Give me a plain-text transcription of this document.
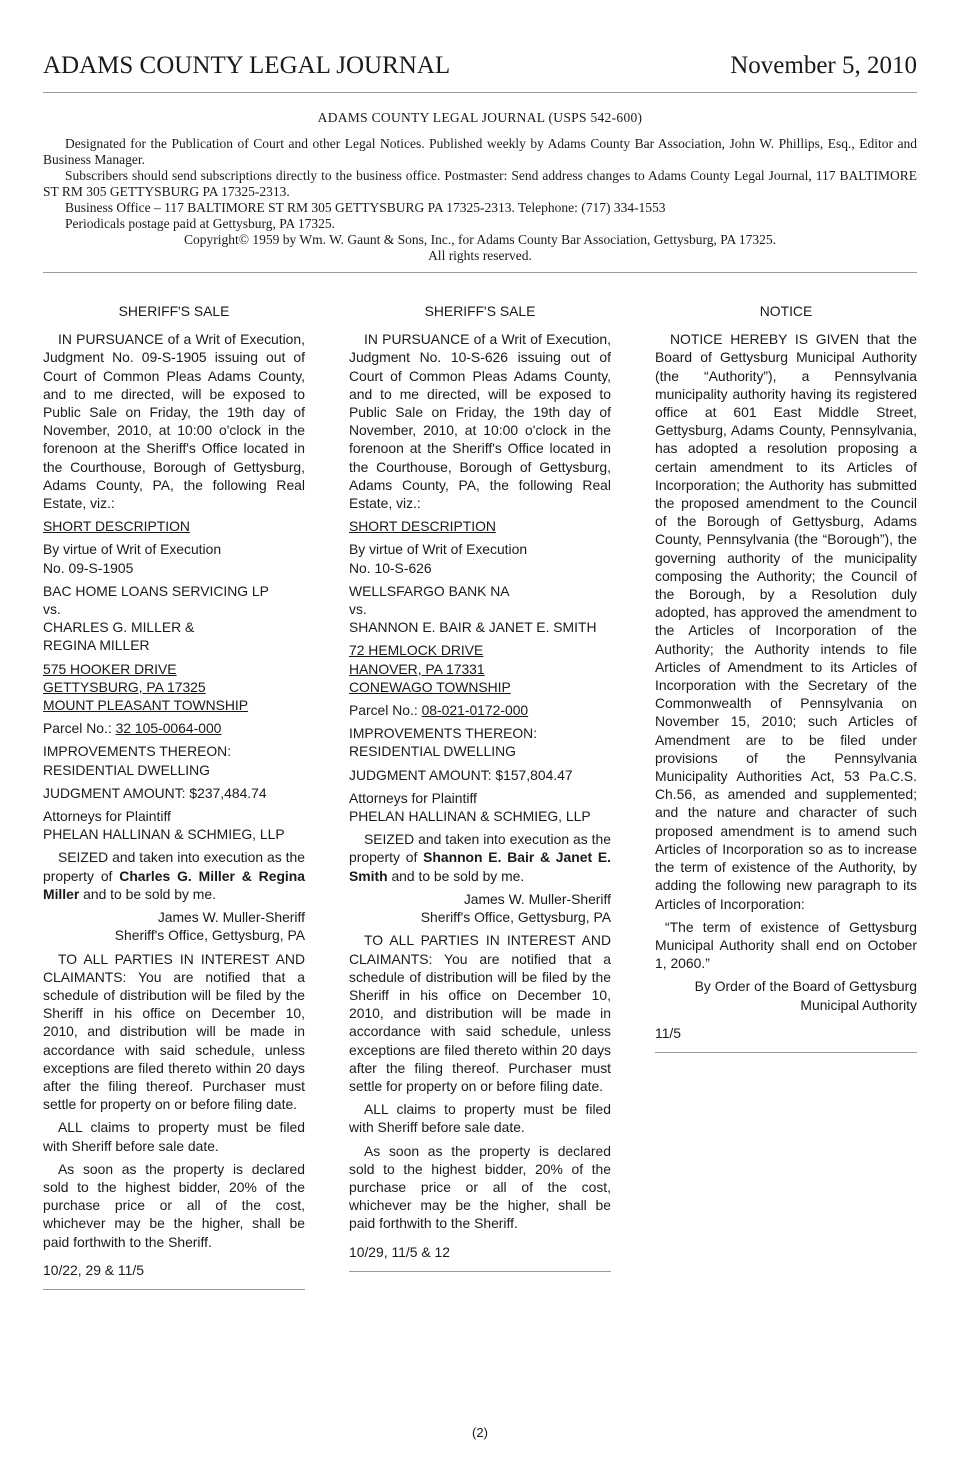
ADAMS COUNTY LEGAL JOURNAL	November 5, 2010

ADAMS COUNTY LEGAL JOURNAL (USPS 542-600)

Designated for the Publication of Court and other Legal Notices. Published weekly by Adams County Bar Association, John W. Phillips, Esq., Editor and Business Manager.

Subscribers should send subscriptions directly to the business office. Postmaster: Send address changes to Adams County Legal Journal, 117 BALTIMORE ST RM 305 GETTYSBURG PA 17325-2313.

Business Office – 117 BALTIMORE ST RM 305 GETTYSBURG PA 17325-2313. Telephone: (717) 334-1553

Periodicals postage paid at Gettysburg, PA 17325.

Copyright© 1959 by Wm. W. Gaunt & Sons, Inc., for Adams County Bar Association, Gettysburg, PA 17325.

All rights reserved.

SHERIFF'S SALE

IN PURSUANCE of a Writ of Execution, Judgment No. 09-S-1905 issuing out of Court of Common Pleas Adams County, and to me directed, will be exposed to Public Sale on Friday, the 19th day of November, 2010, at 10:00 o'clock in the forenoon at the Sheriff's Office located in the Courthouse, Borough of Gettysburg, Adams County, PA, the following Real Estate, viz.:

SHORT DESCRIPTION

By virtue of Writ of Execution

No. 09-S-1905

BAC HOME LOANS SERVICING LP

vs.

CHARLES G. MILLER &

REGINA MILLER

575 HOOKER DRIVE

GETTYSBURG, PA 17325

MOUNT PLEASANT TOWNSHIP

Parcel No.: 32 105-0064-000

IMPROVEMENTS THEREON:

RESIDENTIAL DWELLING

JUDGMENT AMOUNT: $237,484.74

Attorneys for Plaintiff

PHELAN HALLINAN & SCHMIEG, LLP

SEIZED and taken into execution as the property of Charles G. Miller & Regina Miller and to be sold by me.

James W. Muller-Sheriff

Sheriff's Office, Gettysburg, PA

TO ALL PARTIES IN INTEREST AND CLAIMANTS: You are notified that a schedule of distribution will be filed by the Sheriff in his office on December 10, 2010, and distribution will be made in accordance with said schedule, unless exceptions are filed thereto within 20 days after the filing thereof. Purchaser must settle for property on or before filing date.

ALL claims to property must be filed with Sheriff before sale date.

As soon as the property is declared sold to the highest bidder, 20% of the purchase price or all of the cost, whichever may be the higher, shall be paid forthwith to the Sheriff.

10/22, 29 & 11/5

SHERIFF'S SALE

IN PURSUANCE of a Writ of Execution, Judgment No. 10-S-626 issuing out of Court of Common Pleas Adams County, and to me directed, will be exposed to Public Sale on Friday, the 19th day of November, 2010, at 10:00 o'clock in the forenoon at the Sheriff's Office located in the Courthouse, Borough of Gettysburg, Adams County, PA, the following Real Estate, viz.:

SHORT DESCRIPTION

By virtue of Writ of Execution

No. 10-S-626

WELLSFARGO BANK NA

vs.

SHANNON E. BAIR & JANET E. SMITH

72 HEMLOCK DRIVE

HANOVER, PA 17331

CONEWAGO TOWNSHIP

Parcel No.: 08-021-0172-000

IMPROVEMENTS THEREON:

RESIDENTIAL DWELLING

JUDGMENT AMOUNT: $157,804.47

Attorneys for Plaintiff

PHELAN HALLINAN & SCHMIEG, LLP

SEIZED and taken into execution as the property of Shannon E. Bair & Janet E. Smith and to be sold by me.

James W. Muller-Sheriff

Sheriff's Office, Gettysburg, PA

TO ALL PARTIES IN INTEREST AND CLAIMANTS: You are notified that a schedule of distribution will be filed by the Sheriff in his office on December 10, 2010, and distribution will be made in accordance with said schedule, unless exceptions are filed thereto within 20 days after the filing thereof. Purchaser must settle for property on or before filing date.

ALL claims to property must be filed with Sheriff before sale date.

As soon as the property is declared sold to the highest bidder, 20% of the purchase price or all of the cost, whichever may be the higher, shall be paid forthwith to the Sheriff.

10/29, 11/5 & 12

NOTICE

NOTICE HEREBY IS GIVEN that the Board of Gettysburg Municipal Authority (the “Authority”), a Pennsylvania municipality authority having its registered office at 601 East Middle Street, Gettysburg, Adams County, Pennsylvania, has adopted a resolution proposing a certain amendment to its Articles of Incorporation; the Authority has submitted the proposed amendment to the Council of the Borough of Gettysburg, Adams County, Pennsylvania (the “Borough”), the governing authority of the municipality composing the Authority; the Council of the Borough, by a Resolution duly adopted, has approved the amendment to the Articles of Incorporation of the Authority; the Authority intends to file Articles of Amendment to its Articles of Incorporation with the Secretary of the Commonwealth of Pennsylvania on November 15, 2010; such Articles of Amendment are to be filed under provisions of the Pennsylvania Municipality Authorities Act, 53 Pa.C.S. Ch.56, as amended and supplemented; and the nature and character of such proposed amendment is to amend such Articles of Incorporation so as to increase the term of existence of the Authority, by adding the following new paragraph to its Articles of Incorporation:

“The term of existence of Gettysburg Municipal Authority shall end on October 1, 2060.”

By Order of the Board of Gettysburg

Municipal Authority

11/5

(2)
